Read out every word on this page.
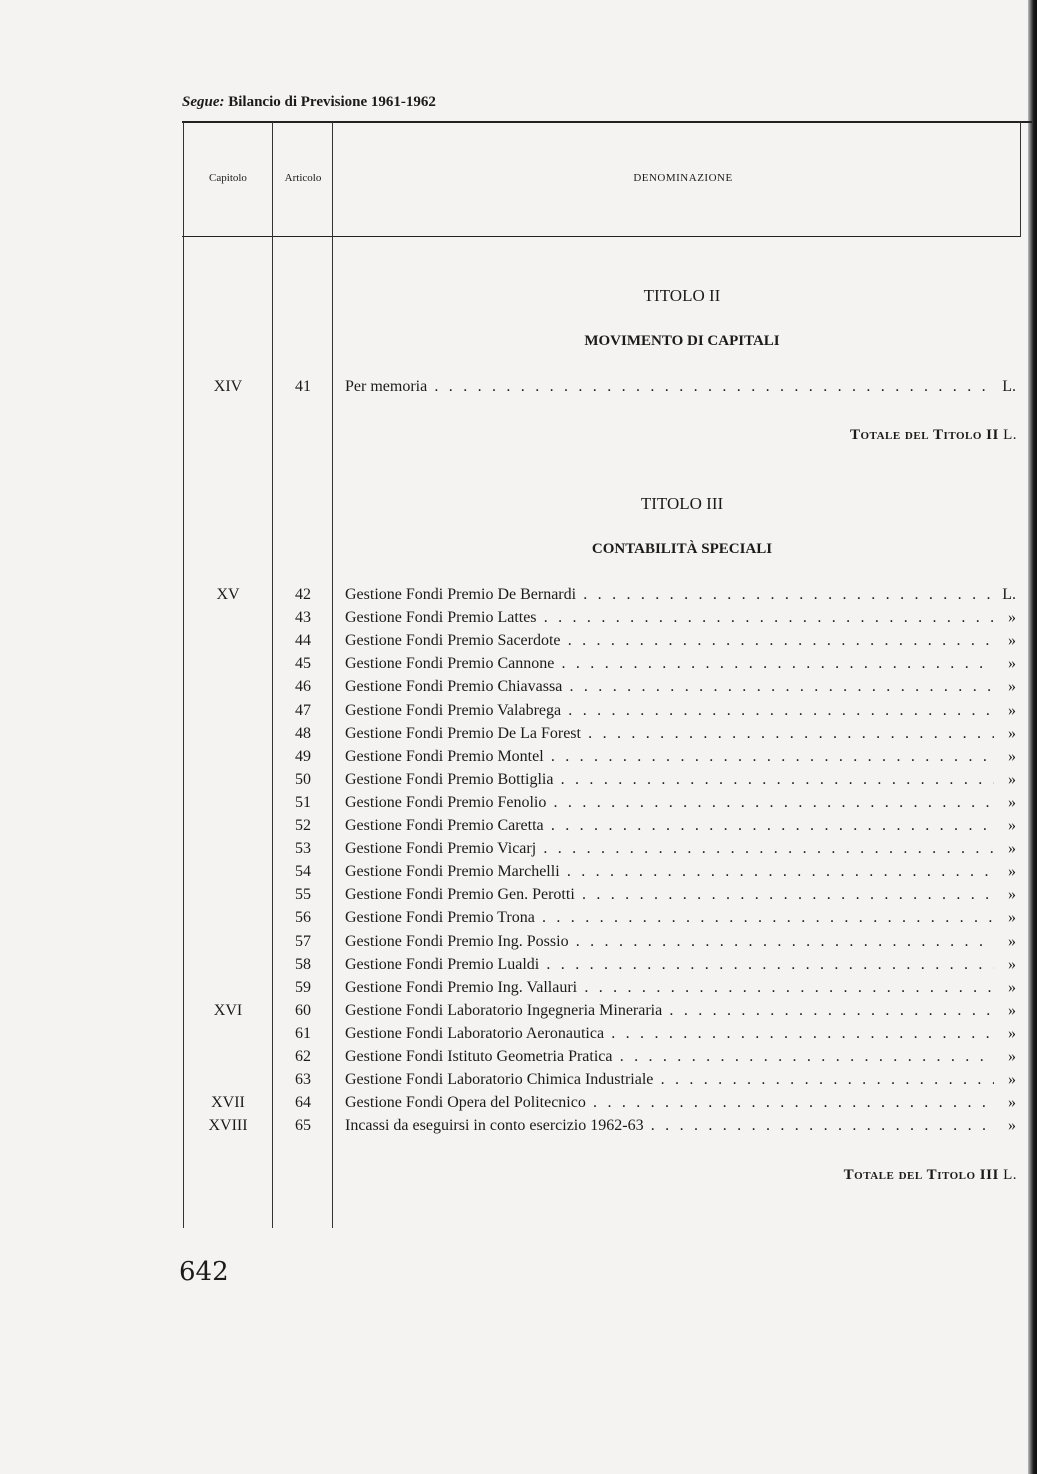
Segue: Bilancio di Previsione 1961-1962
Capitolo	Articolo	DENOMINAZIONE
TITOLO II
MOVIMENTO DI CAPITALI
XIV	41	Per memoria . . .	L.
Totale del Titolo II L.
TITOLO III
CONTABILITÀ SPECIALI
XV	42	Gestione Fondi Premio De Bernardi . . .	L.
43	Gestione Fondi Premio Lattes . . .	»
44	Gestione Fondi Premio Sacerdote . . .	»
45	Gestione Fondi Premio Cannone . . .	»
46	Gestione Fondi Premio Chiavassa . . .	»
47	Gestione Fondi Premio Valabrega . . .	»
48	Gestione Fondi Premio De La Forest . . .	»
49	Gestione Fondi Premio Montel . . .	»
50	Gestione Fondi Premio Bottiglia . . .	»
51	Gestione Fondi Premio Fenolio . . .	»
52	Gestione Fondi Premio Caretta . . .	»
53	Gestione Fondi Premio Vicarj . . .	»
54	Gestione Fondi Premio Marchelli . . .	»
55	Gestione Fondi Premio Gen. Perotti . . .	»
56	Gestione Fondi Premio Trona . . .	»
57	Gestione Fondi Premio Ing. Possio . . .	»
58	Gestione Fondi Premio Lualdi . . .	»
59	Gestione Fondi Premio Ing. Vallauri . . .	»
XVI	60	Gestione Fondi Laboratorio Ingegneria Mineraria . . .	»
61	Gestione Fondi Laboratorio Aeronautica . . .	»
62	Gestione Fondi Istituto Geometria Pratica . . .	»
63	Gestione Fondi Laboratorio Chimica Industriale . . .	»
XVII	64	Gestione Fondi Opera del Politecnico . . .	»
XVIII	65	Incassi da eseguirsi in conto esercizio 1962-63 . . .	»
Totale del Titolo III L.
642
